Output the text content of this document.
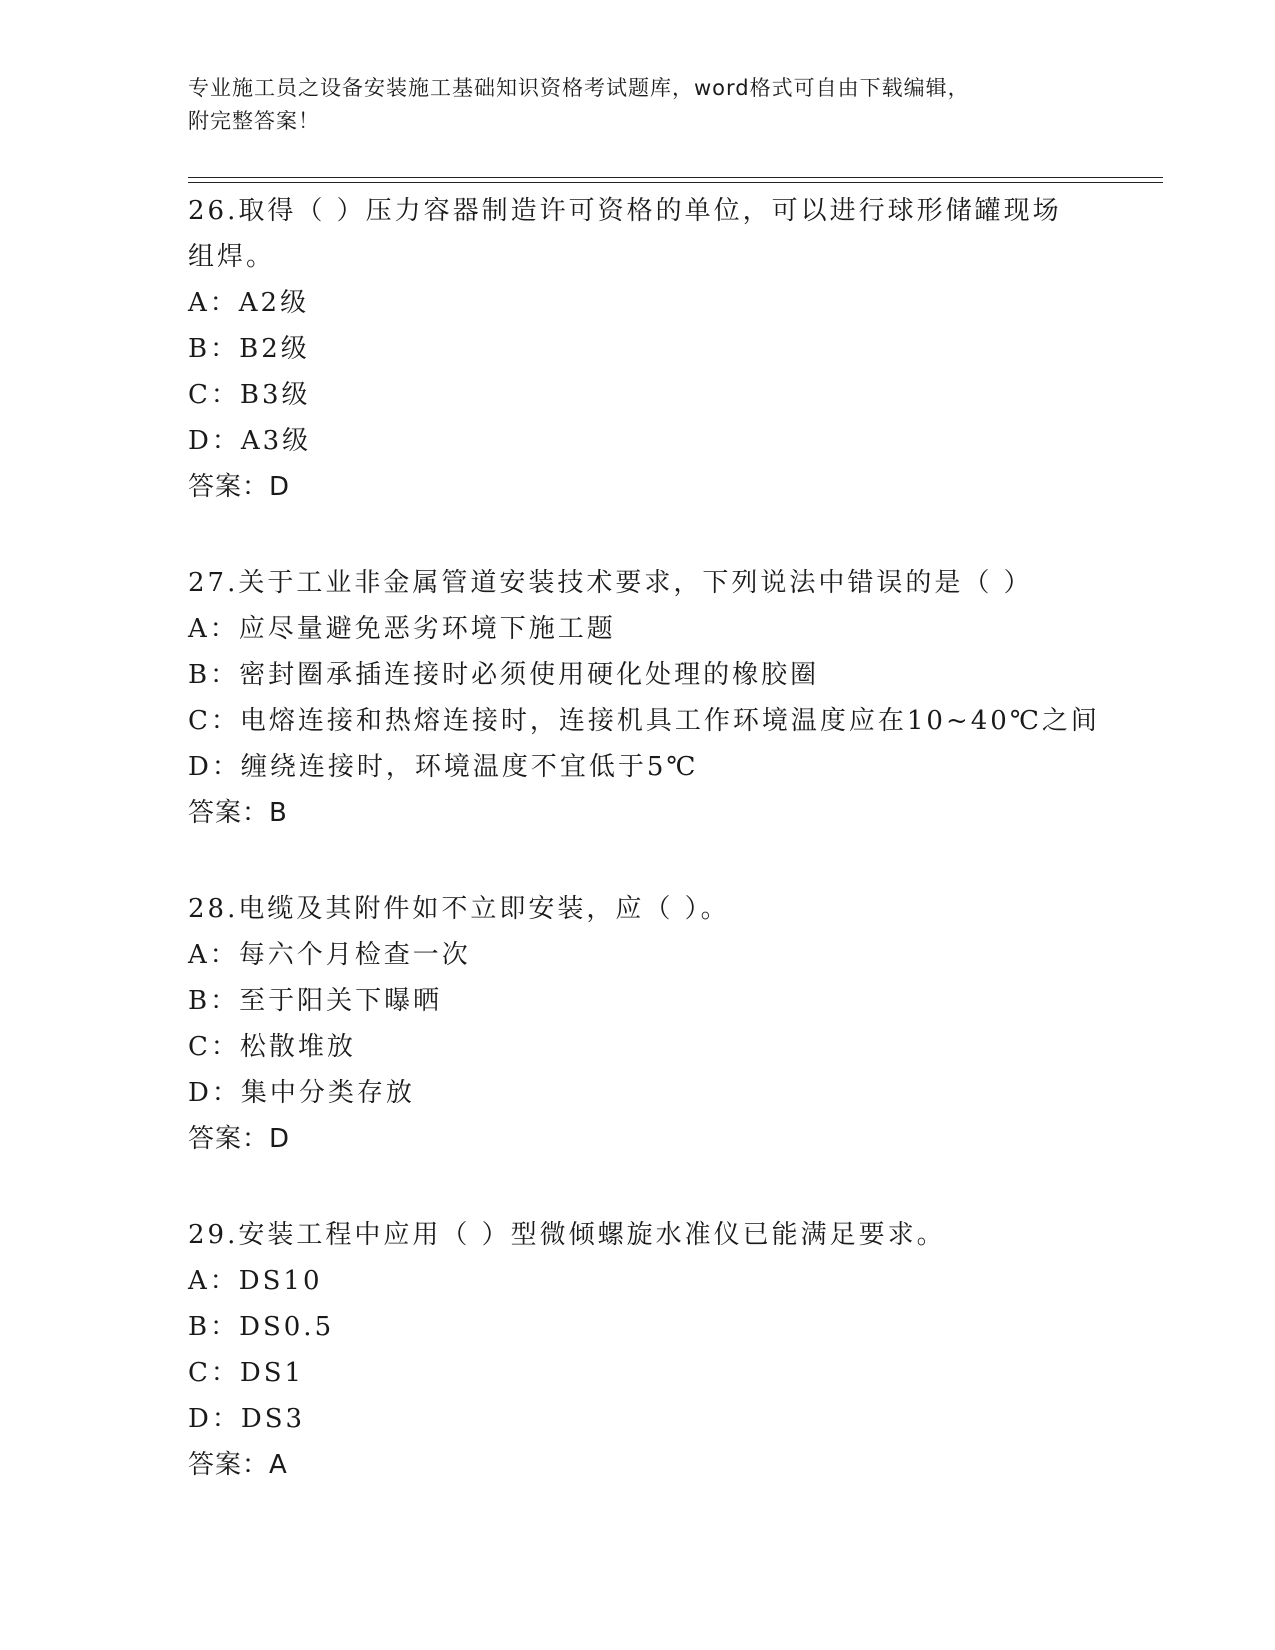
专业施工员之设备安装施工基础知识资格考试题库，word格式可自由下载编辑，
附完整答案！
26.取得（ ）压力容器制造许可资格的单位，可以进行球形储罐现场
组焊。
A：A2级
B：B2级
C：B3级
D：A3级
答案：D
27.关于工业非金属管道安装技术要求，下列说法中错误的是（ ）
A：应尽量避免恶劣环境下施工题
B：密封圈承插连接时必须使用硬化处理的橡胶圈
C：电熔连接和热熔连接时，连接机具工作环境温度应在10~40℃之间
D：缠绕连接时，环境温度不宜低于5℃
答案：B
28.电缆及其附件如不立即安装，应（ ）。
A：每六个月检查一次
B：至于阳关下曝晒
C：松散堆放
D：集中分类存放
答案：D
29.安装工程中应用（ ）型微倾螺旋水准仪已能满足要求。
A：DS10
B：DS0.5
C：DS1
D：DS3
答案：A
